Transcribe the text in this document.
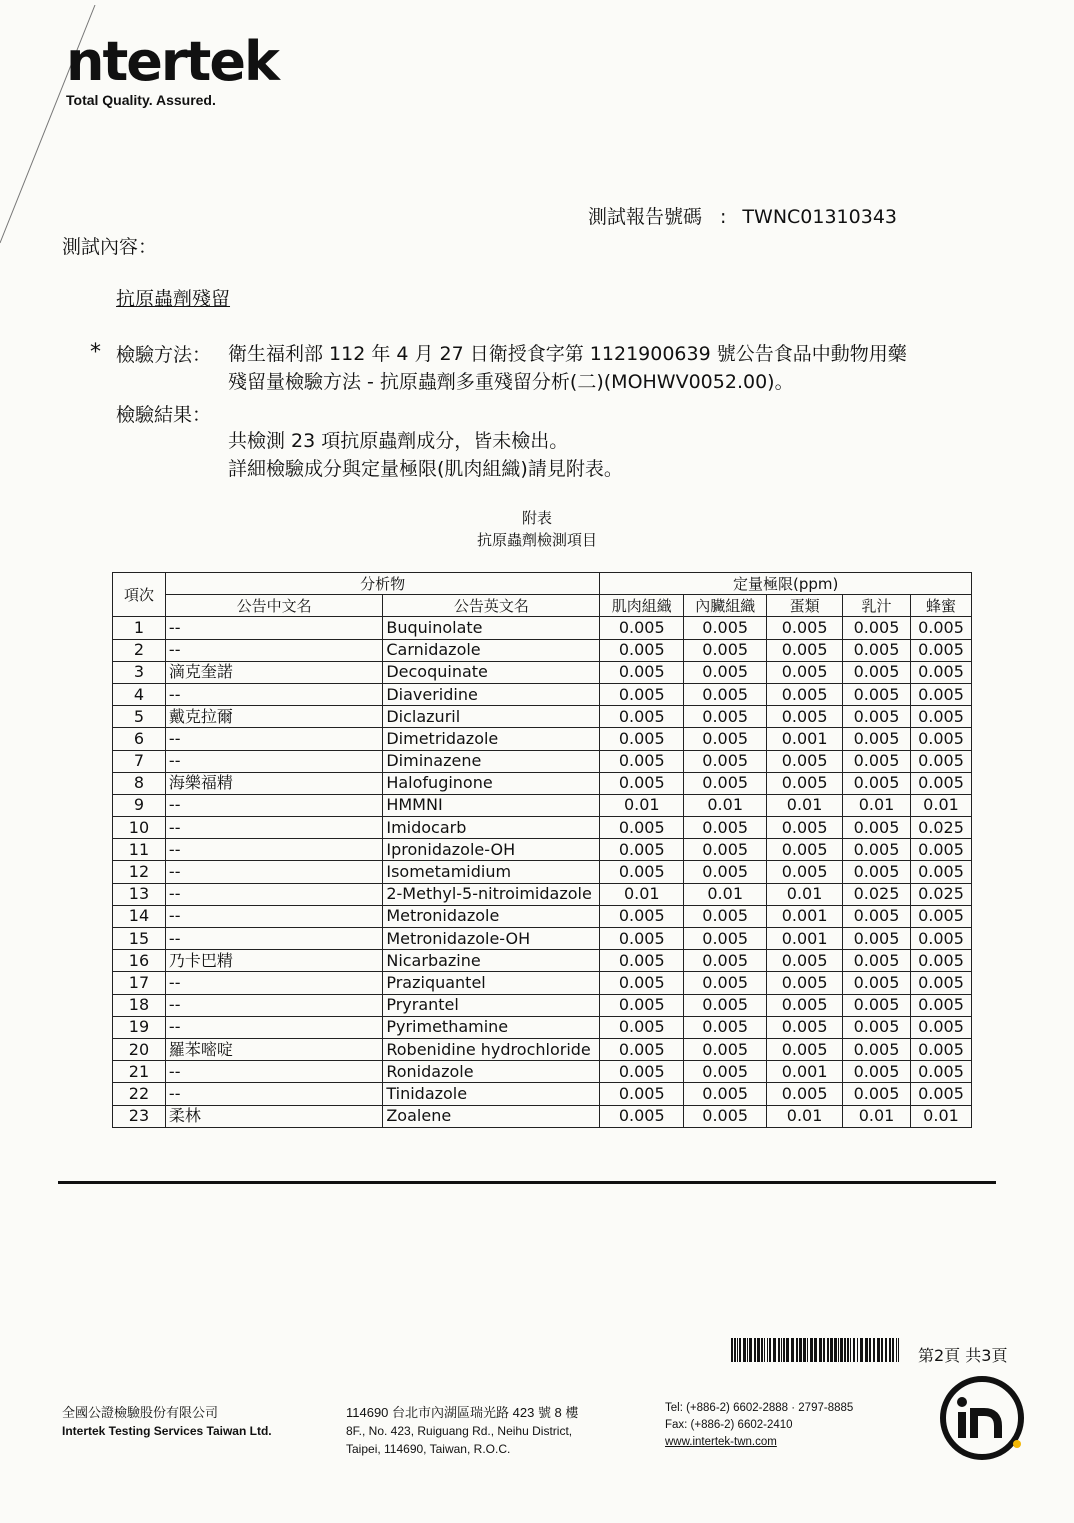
ntertek
Total Quality. Assured.
測試報告號碼 : TWNC01310343
測試內容：
抗原蟲劑殘留
* 檢驗方法： 衛生福利部 112 年 4 月 27 日衛授食字第 1121900639 號公告食品中動物用藥
殘留量檢驗方法 - 抗原蟲劑多重殘留分析(二)(MOHWV0052.00)。
檢驗結果：
共檢測 23 項抗原蟲劑成分，皆未檢出。
詳細檢驗成分與定量極限(肌肉組織)請見附表。
附表
抗原蟲劑檢測項目
項次	分析物		定量極限(ppm)				
	公告中文名	公告英文名	肌肉組織	內臟組織	蛋類	乳汁	蜂蜜
1	--	Buquinolate	0.005	0.005	0.005	0.005	0.005
2	--	Carnidazole	0.005	0.005	0.005	0.005	0.005
3	滴克奎諾	Decoquinate	0.005	0.005	0.005	0.005	0.005
4	--	Diaveridine	0.005	0.005	0.005	0.005	0.005
5	戴克拉爾	Diclazuril	0.005	0.005	0.005	0.005	0.005
6	--	Dimetridazole	0.005	0.005	0.001	0.005	0.005
7	--	Diminazene	0.005	0.005	0.005	0.005	0.005
8	海樂福精	Halofuginone	0.005	0.005	0.005	0.005	0.005
9	--	HMMNI	0.01	0.01	0.01	0.01	0.01
10	--	Imidocarb	0.005	0.005	0.005	0.005	0.025
11	--	Ipronidazole-OH	0.005	0.005	0.005	0.005	0.005
12	--	Isometamidium	0.005	0.005	0.005	0.005	0.005
13	--	2-Methyl-5-nitroimidazole	0.01	0.01	0.01	0.025	0.025
14	--	Metronidazole	0.005	0.005	0.001	0.005	0.005
15	--	Metronidazole-OH	0.005	0.005	0.001	0.005	0.005
16	乃卡巴精	Nicarbazine	0.005	0.005	0.005	0.005	0.005
17	--	Praziquantel	0.005	0.005	0.005	0.005	0.005
18	--	Pryrantel	0.005	0.005	0.005	0.005	0.005
19	--	Pyrimethamine	0.005	0.005	0.005	0.005	0.005
20	羅苯嘧啶	Robenidine hydrochloride	0.005	0.005	0.005	0.005	0.005
21	--	Ronidazole	0.005	0.005	0.001	0.005	0.005
22	--	Tinidazole	0.005	0.005	0.005	0.005	0.005
23	柔林	Zoalene	0.005	0.005	0.01	0.01	0.01
第2頁 共3頁
全國公證檢驗股份有限公司
Intertek Testing Services Taiwan Ltd.
114690 台北市內湖區瑞光路 423 號 8 樓
8F., No. 423, Ruiguang Rd., Neihu District,
Taipei, 114690, Taiwan, R.O.C.
Tel: (+886-2) 6602-2888 · 2797-8885
Fax: (+886-2) 6602-2410
www.intertek-twn.com
